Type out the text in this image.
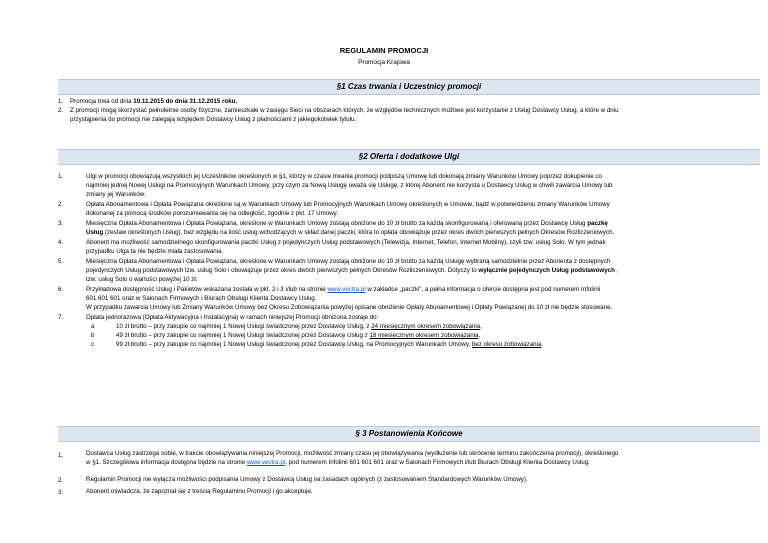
REGULAMIN PROMOCJI
Promocja Krajowa
§1 Czas trwania i Uczestnicy promocji
1. Promocja trwa od dnia 10.11.2015 do dnia 31.12.2015 roku.
2. Z promocji mogą skorzystać pełnoletnie osoby fizyczne, zamieszkałe w zasięgu Sieci na obszarach których, ze względów technicznych możliwe jest korzystanie z Usług Dostawcy Usług, a które w dniu
przystąpienia do promocji nie zalegają względem Dostawcy Usług z płatnościami z jakiegokolwiek tytułu.
§2 Oferta i dodatkowe Ulgi
1.	Ulgi w promocji obowiązują wszystkich jej Uczestników określonych w §1, którzy w czasie trwania promocji podpiszą Umowę lub dokonają zmiany Warunków Umowy poprzez dokupienie co
najmniej jednej Nowej Usługi na Promocyjnych Warunkach Umowy, przy czym za Nową Usługę uważa się Usługę, z której Abonent nie korzysta u Dostawcy Usług w chwili zawarcia Umowy lub
zmiany jej Warunków.
2.	Opłata Abonamentowa i Opłata Powiązana określone są w Warunkach Umowy lub Promocyjnych Warunkach Umowy określonych w Umowie, bądź w potwierdzeniu zmiany Warunków Umowy
dokonanej za pomocą środków porozumiewania się na odległość, zgodnie z pkt. 17 Umowy.
3.	Miesięczna Opłata Abonamentowa i Opłata Powiązana, określone w Warunkach Umowy zostają obniżone do 10 zł brutto za każdą skonfigurowaną i oferowaną przez Dostawcę Usług paczkę
Usług (zestaw określonych Usług), bez względu na ilość usług wchodzących w skład danej paczki, która to opłata obowiązuje przez okres dwóch pierwszych pełnych Okresów Rozliczeniowych.
4.	Abonent ma możliwość samodzielnego skonfigurowania paczki Usług z pojedynczych Usług podstawowych (Telewizja, Internet, Telefon, Internet Mobilny), czyli tzw. usług Solo. W tym jednak
przypadku Ulga ta nie będzie miała zastosowania.
5.	Miesięczna Opłata Abonamentowa i Opłata Powiązana, określone w Warunkach Umowy zostają obniżone do 10 zł brutto za każdą Usługę wybraną samodzielnie przez Abonenta z dostępnych
pojedynczych Usług podstawowych tzw. usług Solo i obowiązuje przez okres dwóch pierwszych pełnych Okresów Rozliczeniowych. Dotyczy to wyłącznie pojedynczych Usług podstawowych ,
tzw. usług Solo o wartości powyżej 10 zł.
6.	Przykładowa dostępność Usług i Pakietów wskazana została w pkt. 2 i 3 i/lub na stronie www.vectra.pl w zakładce „paczki", a pełna informacja o ofercie dostępna jest pod numerem Infolinii
601 601 601 oraz w Salonach Firmowych i Biurach Obsługi Klienta Dostawcy Usług.
W przypadku zawarcia Umowy lub Zmiany Warunków Umowy bez Okresu Zobowiązania powyżej opisane obniżenie Opłaty Abonamentowej i Opłaty Powiązanej do 10 zł nie będzie stosowane.
7.	Opłata jednorazowa (Opłata Aktywacyjna i Instalacyjna) w ramach niniejszej Promocji obniżona zostaje do:
a	10 zł brutto – przy zakupie co najmniej 1 Nowej Usługi świadczonej przez Dostawcę Usług, z 24 miesięcznym okresem zobowiązania,
b	49 zł brutto – przy zakupie co najmniej 1 Nowej Usługi świadczonej przez Dostawcę Usług z 18 miesięcznym okresem zobowiązania,
c	99 zł brutto – przy zakupie co najmniej 1 Nowej Usługi świadczonej przez Dostawcę Usług, na Promocyjnych Warunkach Umowy, bez okresu zobowiązania.
§ 3 Postanowienia Końcowe
1.	Dostawca Usług zastrzega sobie, w trakcie obowiązywania niniejszej Promocji, możliwość zmiany czasu jej obowiązywania (wydłużenie lub skrócenie terminu zakończenia promocji), określonego
w §1. Szczegółowa informacja dostępna będzie na stronie www.vectra.pl, pod numerem Infolinii 601 601 601 oraz w Salonach Firmowych i/lub Biurach Obsługi Klienta Dostawcy Usług.
2.	Regulamin Promocji nie wyłącza możliwości podpisania Umowy z Dostawcą Usług na zasadach ogólnych (z zastosowaniem Standardowych Warunków Umowy).
3.	Abonent oświadcza, że zapoznał się z treścią Regulaminu Promocji i go akceptuje.
